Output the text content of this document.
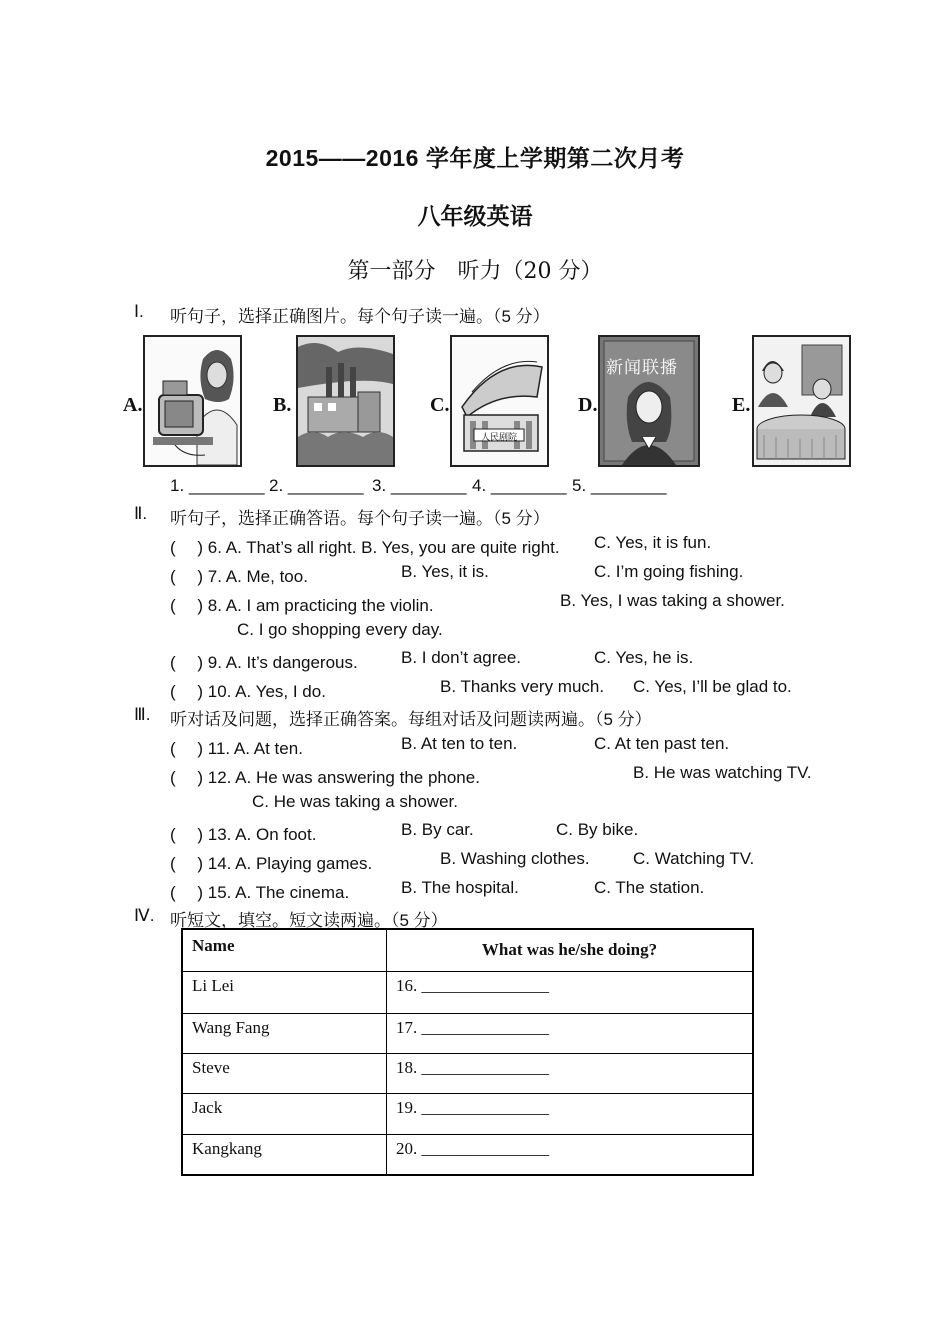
2015——2016 学年度上学期第二次月考
八年级英语
第一部分　听力（20 分）
Ⅰ. 听句子，选择正确图片。每个句子读一遍。（5 分）
A.	B.	C.
人民剧院
D.
新闻联播
E.
1. ________ 2. ________ 3. ________ 4. ________ 5. ________
Ⅱ. 听句子，选择正确答语。每个句子读一遍。（5 分）
(　 ) 6. A. That’s all right. B. Yes, you are quite right. C. Yes, it is fun.
(　 ) 7. A. Me, too.	B. Yes, it is.	C. I’m going fishing.
(　 ) 8. A. I am practicing the violin.	B. Yes, I was taking a shower.
C. I go shopping every day.
(　 ) 9. A. It’s dangerous.	B. I don’t agree.	C. Yes, he is.
(　 ) 10. A. Yes, I do.	B. Thanks very much. C. Yes, I’ll be glad to.
Ⅲ. 听对话及问题，选择正确答案。每组对话及问题读两遍。（5 分）
(　 ) 11. A. At ten.	B. At ten to ten.	C. At ten past ten.
(　 ) 12. A. He was answering the phone.	B. He was watching TV.
C. He was taking a shower.
(　 ) 13. A. On foot.	B. By car.	C. By bike.
(　 ) 14. A. Playing games.	B. Washing clothes.	C. Watching TV.
(　 ) 15. A. The cinema.	B. The hospital.	C. The station.
Ⅳ. 听短文，填空。短文读两遍。（5 分）
Name	What was he/she doing?
Li Lei	16. _______________
Wang Fang	17. _______________
Steve	18. _______________
Jack	19. _______________
Kangkang	20. _______________
